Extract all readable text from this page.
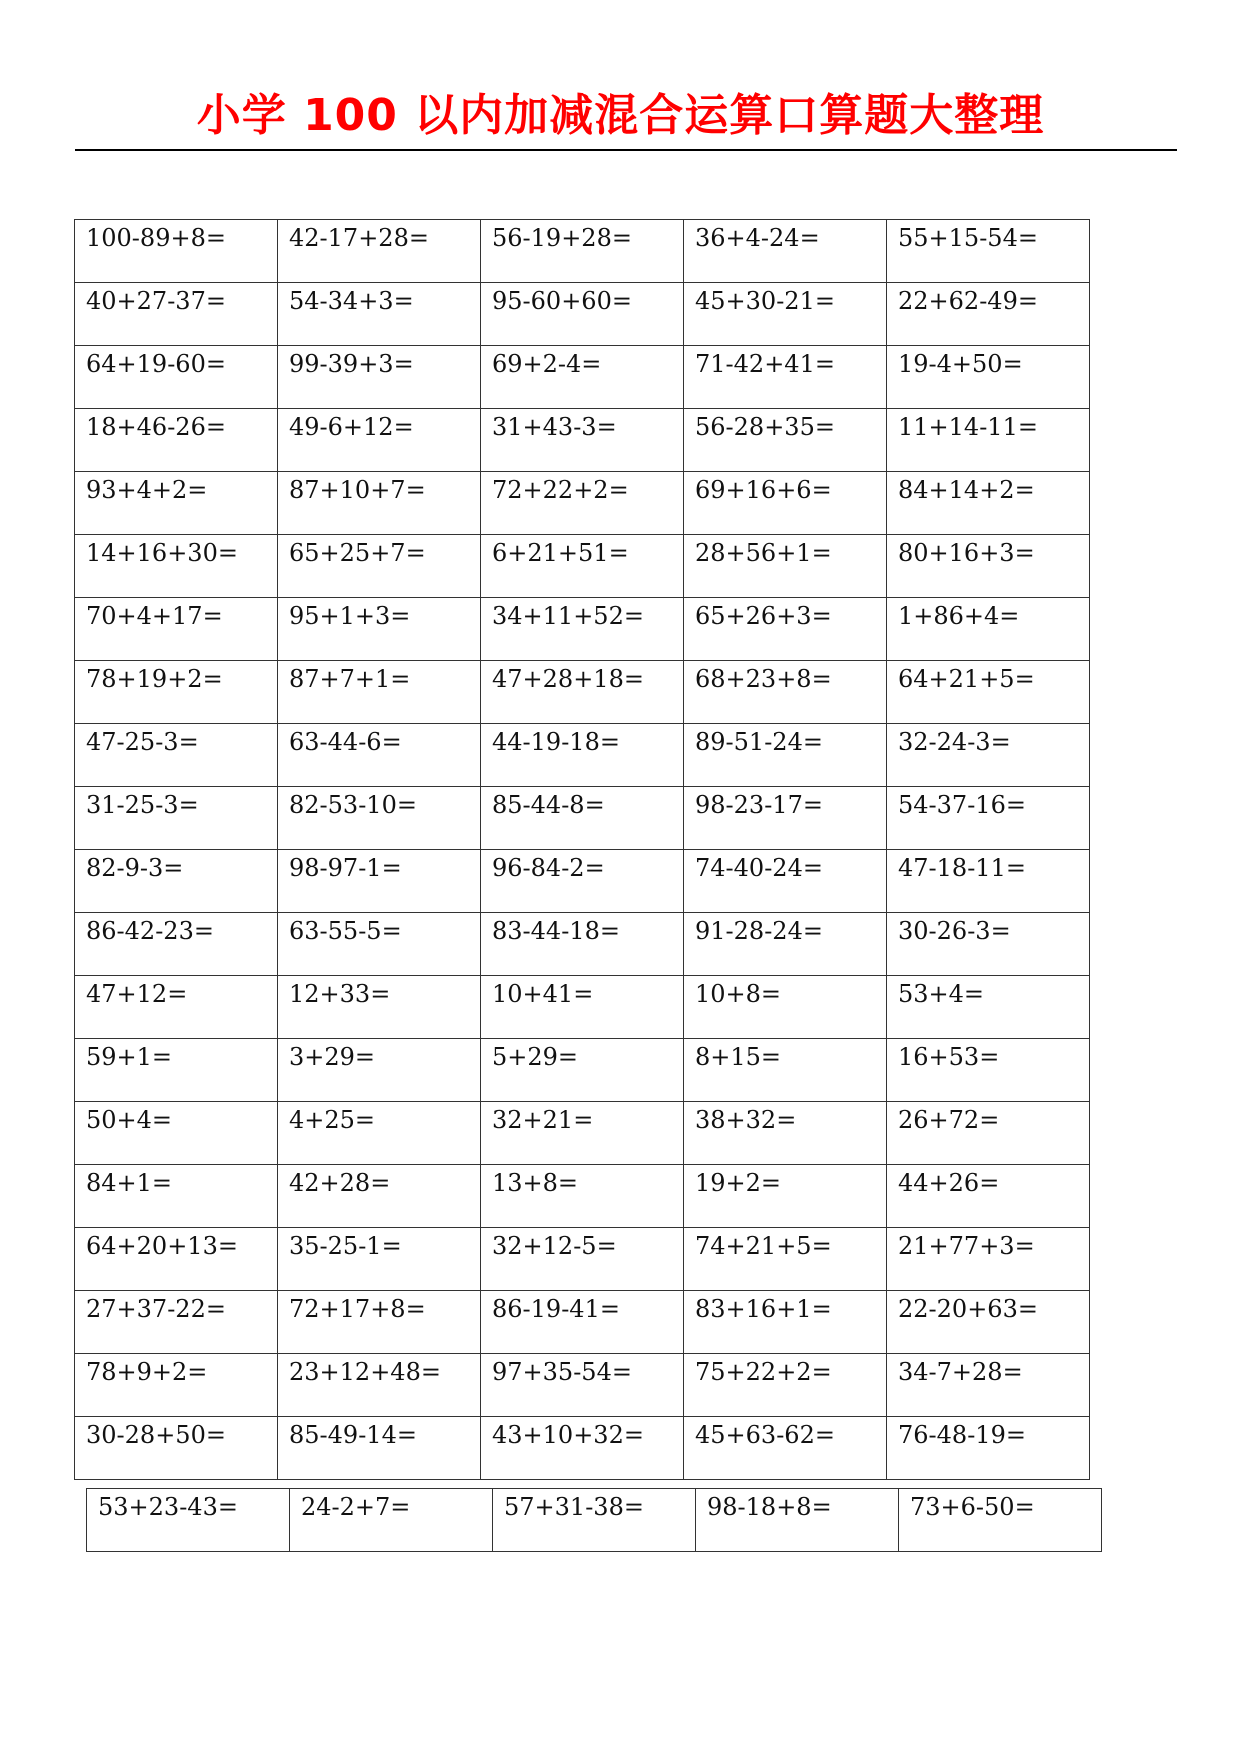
小学 100 以内加减混合运算口算题大整理
100-89+8=	42-17+28=	56-19+28=	36+4-24=	55+15-54=
40+27-37=	54-34+3=	95-60+60=	45+30-21=	22+62-49=
64+19-60=	99-39+3=	69+2-4=	71-42+41=	19-4+50=
18+46-26=	49-6+12=	31+43-3=	56-28+35=	11+14-11=
93+4+2=	87+10+7=	72+22+2=	69+16+6=	84+14+2=
14+16+30=	65+25+7=	6+21+51=	28+56+1=	80+16+3=
70+4+17=	95+1+3=	34+11+52=	65+26+3=	1+86+4=
78+19+2=	87+7+1=	47+28+18=	68+23+8=	64+21+5=
47-25-3=	63-44-6=	44-19-18=	89-51-24=	32-24-3=
31-25-3=	82-53-10=	85-44-8=	98-23-17=	54-37-16=
82-9-3=	98-97-1=	96-84-2=	74-40-24=	47-18-11=
86-42-23=	63-55-5=	83-44-18=	91-28-24=	30-26-3=
47+12=	12+33=	10+41=	10+8=	53+4=
59+1=	3+29=	5+29=	8+15=	16+53=
50+4=	4+25=	32+21=	38+32=	26+72=
84+1=	42+28=	13+8=	19+2=	44+26=
64+20+13=	35-25-1=	32+12-5=	74+21+5=	21+77+3=
27+37-22=	72+17+8=	86-19-41=	83+16+1=	22-20+63=
78+9+2=	23+12+48=	97+35-54=	75+22+2=	34-7+28=
30-28+50=	85-49-14=	43+10+32=	45+63-62=	76-48-19=
53+23-43=	24-2+7=	57+31-38=	98-18+8=	73+6-50=
